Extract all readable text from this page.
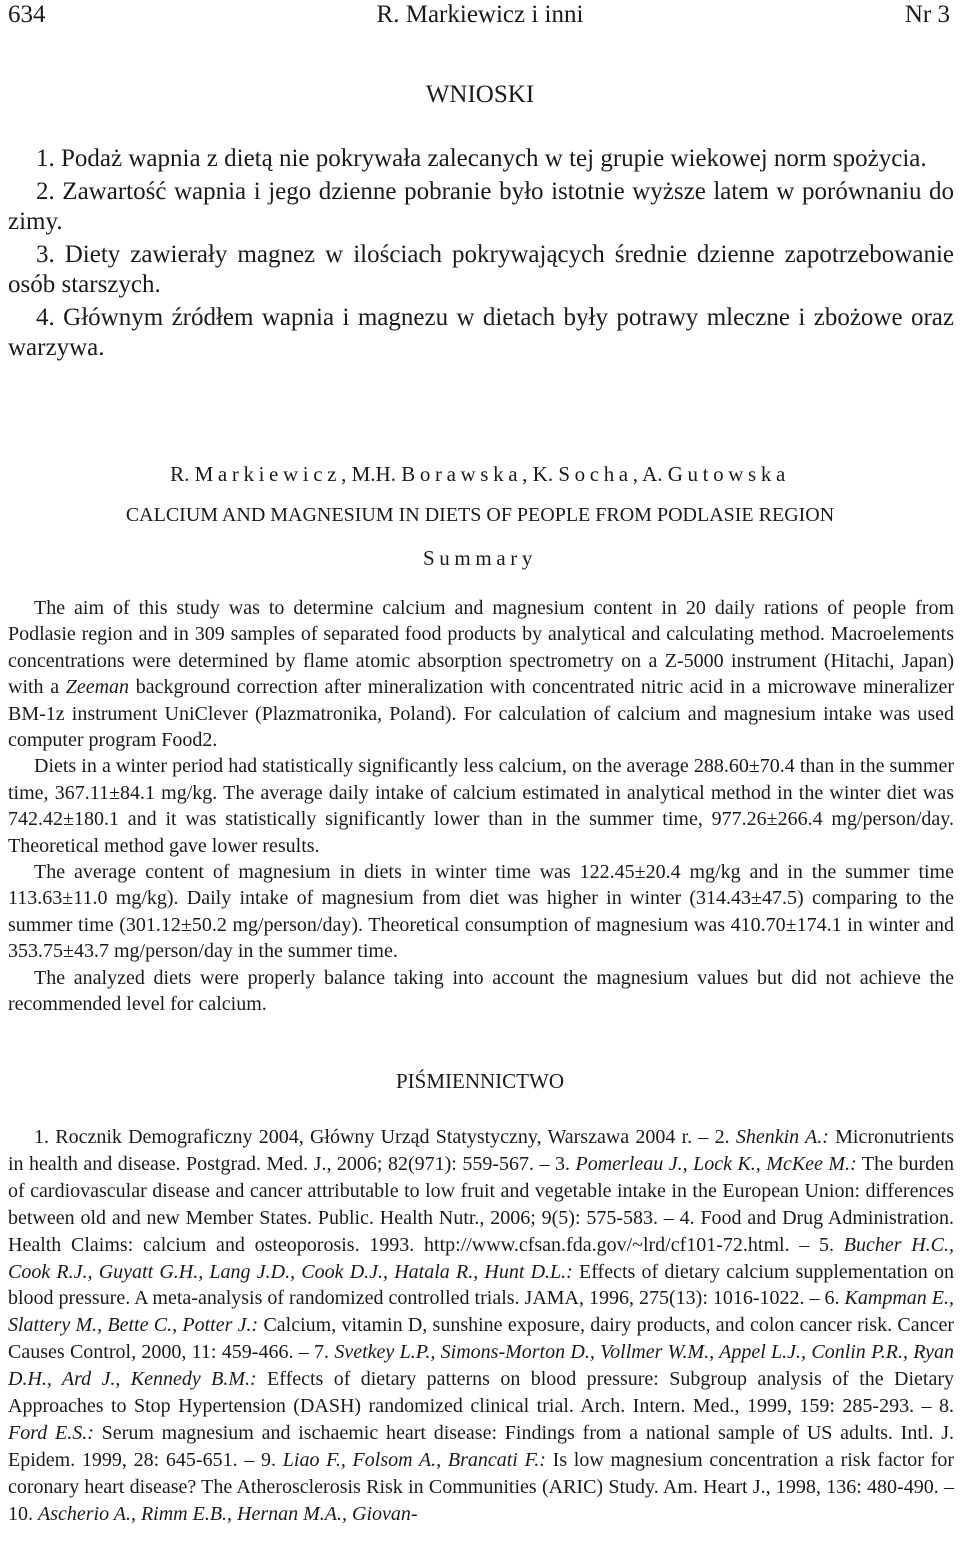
634	R. Markiewicz i inni	Nr 3
WNIOSKI

1. Podaż wapnia z dietą nie pokrywała zalecanych w tej grupie wiekowej norm spożycia.

2. Zawartość wapnia i jego dzienne pobranie było istotnie wyższe latem w porównaniu do zimy.

3. Diety zawierały magnez w ilościach pokrywających średnie dzienne zapotrzebowanie osób starszych.

4. Głównym źródłem wapnia i magnezu w dietach były potrawy mleczne i zbożowe oraz warzywa.

R. Markiewicz, M.H. Borawska, K. Socha, A. Gutowska
CALCIUM AND MAGNESIUM IN DIETS OF PEOPLE FROM PODLASIE REGION
Summary

The aim of this study was to determine calcium and magnesium content in 20 daily rations of people from Podlasie region and in 309 samples of separated food products by analytical and calculating method. Macroelements concentrations were determined by flame atomic absorption spectrometry on a Z-5000 instrument (Hitachi, Japan) with a Zeeman background correction after mineralization with concentrated nitric acid in a microwave mineralizer BM-1z instrument UniClever (Plazmatronika, Poland). For calculation of calcium and magnesium intake was used computer program Food2.

Diets in a winter period had statistically significantly less calcium, on the average 288.60±70.4 than in the summer time, 367.11±84.1 mg/kg. The average daily intake of calcium estimated in analytical method in the winter diet was 742.42±180.1 and it was statistically significantly lower than in the summer time, 977.26±266.4 mg/person/day. Theoretical method gave lower results.

The average content of magnesium in diets in winter time was 122.45±20.4 mg/kg and in the summer time 113.63±11.0 mg/kg). Daily intake of magnesium from diet was higher in winter (314.43±47.5) comparing to the summer time (301.12±50.2 mg/person/day). Theoretical consumption of magnesium was 410.70±174.1 in winter and 353.75±43.7 mg/person/day in the summer time.

The analyzed diets were properly balance taking into account the magnesium values but did not achieve the recommended level for calcium.

PIŚMIENNICTWO

1. Rocznik Demograficzny 2004, Główny Urząd Statystyczny, Warszawa 2004 r. – 2. Shenkin A.: Micronutrients in health and disease. Postgrad. Med. J., 2006; 82(971): 559-567. – 3. Pomerleau J., Lock K., McKee M.: The burden of cardiovascular disease and cancer attributable to low fruit and vegetable intake in the European Union: differences between old and new Member States. Public. Health Nutr., 2006; 9(5): 575-583. – 4. Food and Drug Administration. Health Claims: calcium and osteoporosis. 1993. http://www.cfsan.fda.gov/~lrd/cf101-72.html. – 5. Bucher H.C., Cook R.J., Guyatt G.H., Lang J.D., Cook D.J., Hatala R., Hunt D.L.: Effects of dietary calcium supplementation on blood pressure. A meta-analysis of randomized controlled trials. JAMA, 1996, 275(13): 1016-1022. – 6. Kampman E., Slattery M., Bette C., Potter J.: Calcium, vitamin D, sunshine exposure, dairy products, and colon cancer risk. Cancer Causes Control, 2000, 11: 459-466. – 7. Svetkey L.P., Simons-Morton D., Vollmer W.M., Appel L.J., Conlin P.R., Ryan D.H., Ard J., Kennedy B.M.: Effects of dietary patterns on blood pressure: Subgroup analysis of the Dietary Approaches to Stop Hypertension (DASH) randomized clinical trial. Arch. Intern. Med., 1999, 159: 285-293. – 8. Ford E.S.: Serum magnesium and ischaemic heart disease: Findings from a national sample of US adults. Intl. J. Epidem. 1999, 28: 645-651. – 9. Liao F., Folsom A., Brancati F.: Is low magnesium concentration a risk factor for coronary heart disease? The Atherosclerosis Risk in Communities (ARIC) Study. Am. Heart J., 1998, 136: 480-490. – 10. Ascherio A., Rimm E.B., Hernan M.A., Giovan-
